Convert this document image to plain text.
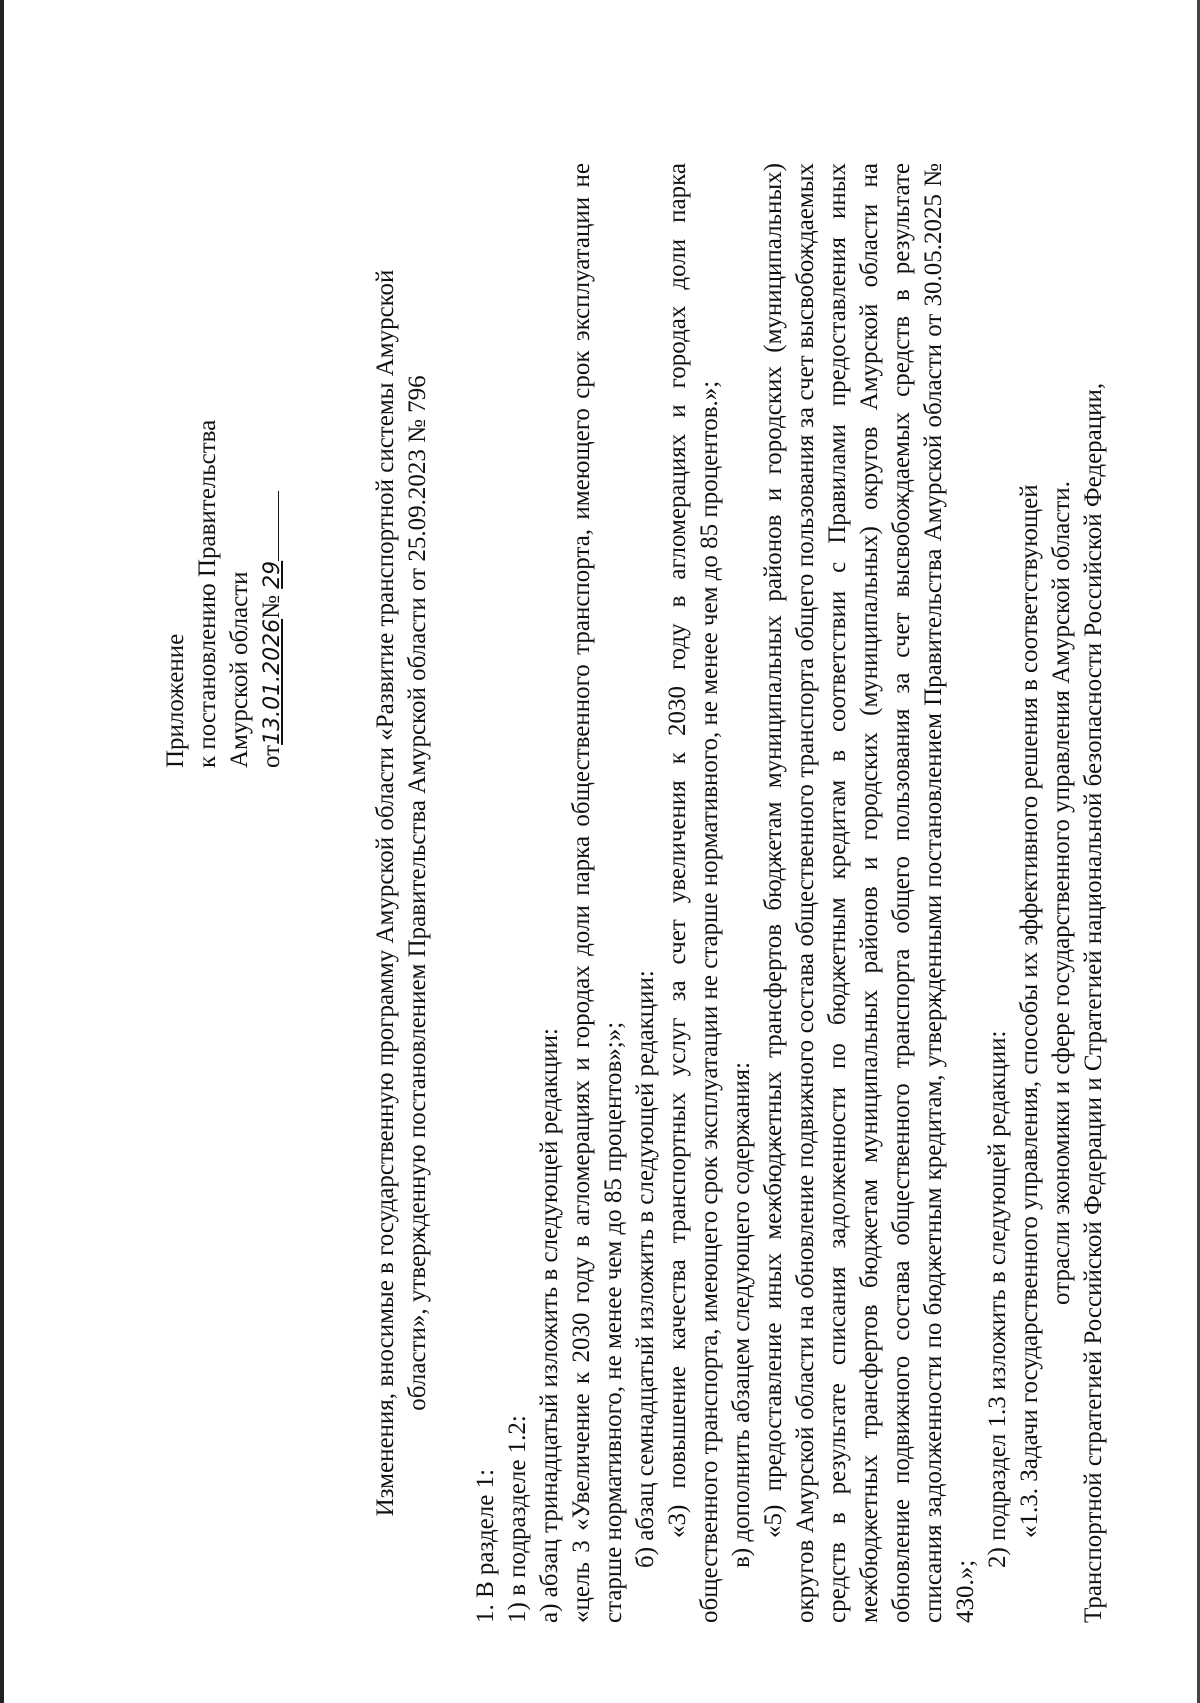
Приложение к постановлению Правительства Амурской области от13.01.2026№ 29	Изменения, вносимые в государственную программу Амурской области «Развитие транспортной системы Амурской области», утвержденную постановлением Правительства Амурской области от 25.09.2023 № 796

1. В разделе 1: 1) в подразделе 1.2: а) абзац тринадцатый изложить в следующей редакции: «цель 3 «Увеличение к 2030 году в агломерациях и городах доли парка общественного транспорта, имеющего срок эксплуатации не старше нормативного, не менее чем до 85 процентов»;»; б) абзац семнадцатый изложить в следующей редакции: «3) повышение качества транспортных услуг за счет увеличения к 2030 году в агломерациях и городах доли парка общественного транспорта, имеющего срок эксплуатации не старше нормативного, не менее чем до 85 процентов.»; в) дополнить абзацем следующего содержания: «5) предоставление иных межбюджетных трансфертов бюджетам муниципальных районов и городских (муниципальных) округов Амурской области на обновление подвижного состава общественного транспорта общего пользования за счет высвобождаемых средств в результате списания задолженности по бюджетным кредитам в соответствии с Правилами предоставления иных межбюджетных трансфертов бюджетам муниципальных районов и городских (муниципальных) округов Амурской области на обновление подвижного состава общественного транспорта общего пользования за счет высвобождаемых средств в результате списания задолженности по бюджетным кредитам, утвержденными постановлением Правительства Амурской области от 30.05.2025 № 430.»;

2) подраздел 1.3 изложить в следующей редакции: «1.3. Задачи государственного управления, способы их эффективного решения в соответствующей отрасли экономики и сфере государственного управления Амурской области. Транспортной стратегией Российской Федерации и Стратегией национальной безопасности Российской Федерации,
